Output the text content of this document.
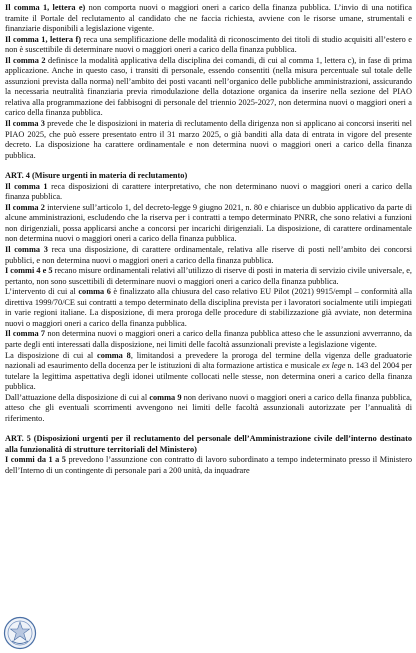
Il comma 1, lettera e) non comporta nuovi o maggiori oneri a carico della finanza pubblica. L’invio di una notifica tramite il Portale del reclutamento al candidato che ne faccia richiesta, avviene con le risorse umane, strumentali e finanziarie disponibili a legislazione vigente.

Il comma 1, lettera f) reca una semplificazione delle modalità di riconoscimento dei titoli di studio acquisiti all’estero e non è suscettibile di determinare nuovi o maggiori oneri a carico della finanza pubblica.

Il comma 2 definisce la modalità applicativa della disciplina dei comandi, di cui al comma 1, lettera c), in fase di prima applicazione. Anche in questo caso, i transiti di personale, essendo consentiti (nella misura percentuale sul totale delle assunzioni prevista dalla norma) nell’ambito dei posti vacanti nell’organico delle pubbliche amministrazioni, assicurando la necessaria neutralità finanziaria previa rimodulazione della dotazione organica da inserire nella sezione del PIAO relativa alla programmazione dei fabbisogni di personale del triennio 2025-2027, non determina nuovi o maggiori oneri a carico della finanza pubblica.

Il comma 3 prevede che le disposizioni in materia di reclutamento della dirigenza non si applicano ai concorsi inseriti nel PIAO 2025, che può essere presentato entro il 31 marzo 2025, o già banditi alla data di entrata in vigore del presente decreto. La disposizione ha carattere ordinamentale e non determina nuovi o maggiori oneri a carico della finanza pubblica.

ART. 4 (Misure urgenti in materia di reclutamento)

Il comma 1 reca disposizioni di carattere interpretativo, che non determinano nuovi o maggiori oneri a carico della finanza pubblica.

Il comma 2 interviene sull’articolo 1, del decreto-legge 9 giugno 2021, n. 80 e chiarisce un dubbio applicativo da parte di alcune amministrazioni, escludendo che la riserva per i contratti a tempo determinato PNRR, che sono relativi a funzioni non dirigenziali, possa applicarsi anche a concorsi per incarichi dirigenziali. La disposizione, di carattere ordinamentale non determina nuovi o maggiori oneri a carico della finanza pubblica.

Il comma 3 reca una disposizione, di carattere ordinamentale, relativa alle riserve di posti nell’ambito dei concorsi pubblici, e non determina nuovi o maggiori oneri a carico della finanza pubblica.

I commi 4 e 5 recano misure ordinamentali relativi all’utilizzo di riserve di posti in materia di servizio civile universale, e, pertanto, non sono suscettibili di determinare nuovi o maggiori oneri a carico della finanza pubblica.

L’intervento di cui al comma 6 è finalizzato alla chiusura del caso relativo EU Pilot (2021) 9915/empl – conformità alla direttiva 1999/70/CE sui contratti a tempo determinato della disciplina prevista per i lavoratori socialmente utili impiegati in varie regioni italiane. La disposizione, di mera proroga delle procedure di stabilizzazione già avviate, non determina nuovi o maggiori oneri a carico della finanza pubblica.

Il comma 7 non determina nuovi o maggiori oneri a carico della finanza pubblica atteso che le assunzioni avverranno, da parte degli enti interessati dalla disposizione, nei limiti delle facoltà assunzionali previste a legislazione vigente.

La disposizione di cui al comma 8, limitandosi a prevedere la proroga del termine della vigenza delle graduatorie nazionali ad esaurimento della docenza per le istituzioni di alta formazione artistica e musicale ex lege n. 143 del 2004 per tutelare la legittima aspettativa degli idonei utilmente collocati nelle stesse, non determina oneri a carico della finanza pubblica.

Dall’attuazione della disposizione di cui al comma 9 non derivano nuovi o maggiori oneri a carico della finanza pubblica, atteso che gli eventuali scorrimenti avvengono nei limiti delle facoltà assunzionali autorizzate per l’annualità di riferimento.

ART. 5 (Disposizioni urgenti per il reclutamento del personale dell’Amministrazione civile dell’interno destinato alla funzionalità di strutture territoriali del Ministero)

I commi da 1 a 5 prevedono l’assunzione con contratto di lavoro subordinato a tempo indeterminato presso il Ministero dell’Interno di un contingente di personale pari a 200 unità, da inquadrare
